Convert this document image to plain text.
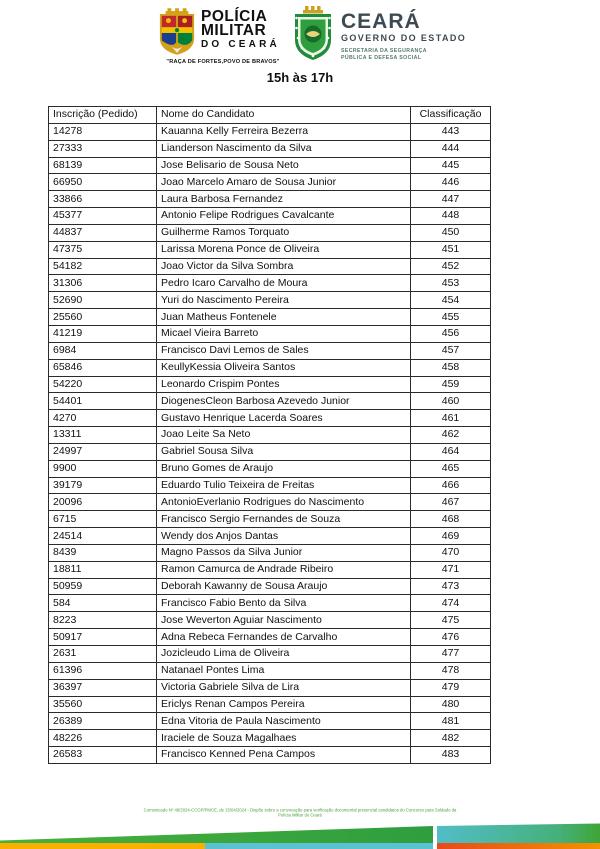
POLÍCIA
MILITAR
DO CEARÁ
"RAÇA DE FORTES,POVO DE BRAVOS"
CEARÁ
GOVERNO DO ESTADO
SECRETARIA DA SEGURANÇA
PÚBLICA E DEFESA SOCIAL
15h às 17h
Inscrição (Pedido)	Nome do Candidato	Classificação
14278	Kauanna Kelly Ferreira Bezerra	443
27333	Lianderson Nascimento da Silva	444
68139	Jose Belisario de Sousa Neto	445
66950	Joao Marcelo Amaro de Sousa Junior	446
33866	Laura Barbosa Fernandez	447
45377	Antonio Felipe Rodrigues Cavalcante	448
44837	Guilherme Ramos Torquato	450
47375	Larissa Morena Ponce de Oliveira	451
54182	Joao Victor da Silva Sombra	452
31306	Pedro Icaro Carvalho de Moura	453
52690	Yuri do Nascimento Pereira	454
25560	Juan Matheus Fontenele	455
41219	Micael Vieira Barreto	456
6984	Francisco Davi Lemos de Sales	457
65846	KeullyKessia Oliveira Santos	458
54220	Leonardo Crispim Pontes	459
54401	DiogenesCleon Barbosa Azevedo Junior	460
4270	Gustavo Henrique Lacerda Soares	461
13311	Joao Leite Sa Neto	462
24997	Gabriel Sousa Silva	464
9900	Bruno Gomes de Araujo	465
39179	Eduardo Tulio Teixeira de Freitas	466
20096	AntonioEverlanio Rodrigues do Nascimento	467
6715	Francisco Sergio Fernandes de Souza	468
24514	Wendy dos Anjos Dantas	469
8439	Magno Passos da Silva Junior	470
18811	Ramon Camurca de Andrade Ribeiro	471
50959	Deborah Kawanny de Sousa Araujo	473
584	Francisco Fabio Bento da Silva	474
8223	Jose Weverton Aguiar Nascimento	475
50917	Adna Rebeca Fernandes de Carvalho	476
2631	Jozicleudo Lima de Oliveira	477
61396	Natanael Pontes Lima	478
36397	Victoria Gabriele Silva de Lira	479
35560	Ericlys Renan Campos Pereira	480
26389	Edna Vitoria de Paula Nascimento	481
48226	Iraciele de Souza Magalhaes	482
26583	Francisco Kenned Pena Campos	483
Comunicado Nº 49/2024-CCOP/PMCE, de 15/04/2024 - Dispõe sobre a convocação para verificação documental presencial candidatos do Concurso para Soldado da Polícia Militar do Ceará
